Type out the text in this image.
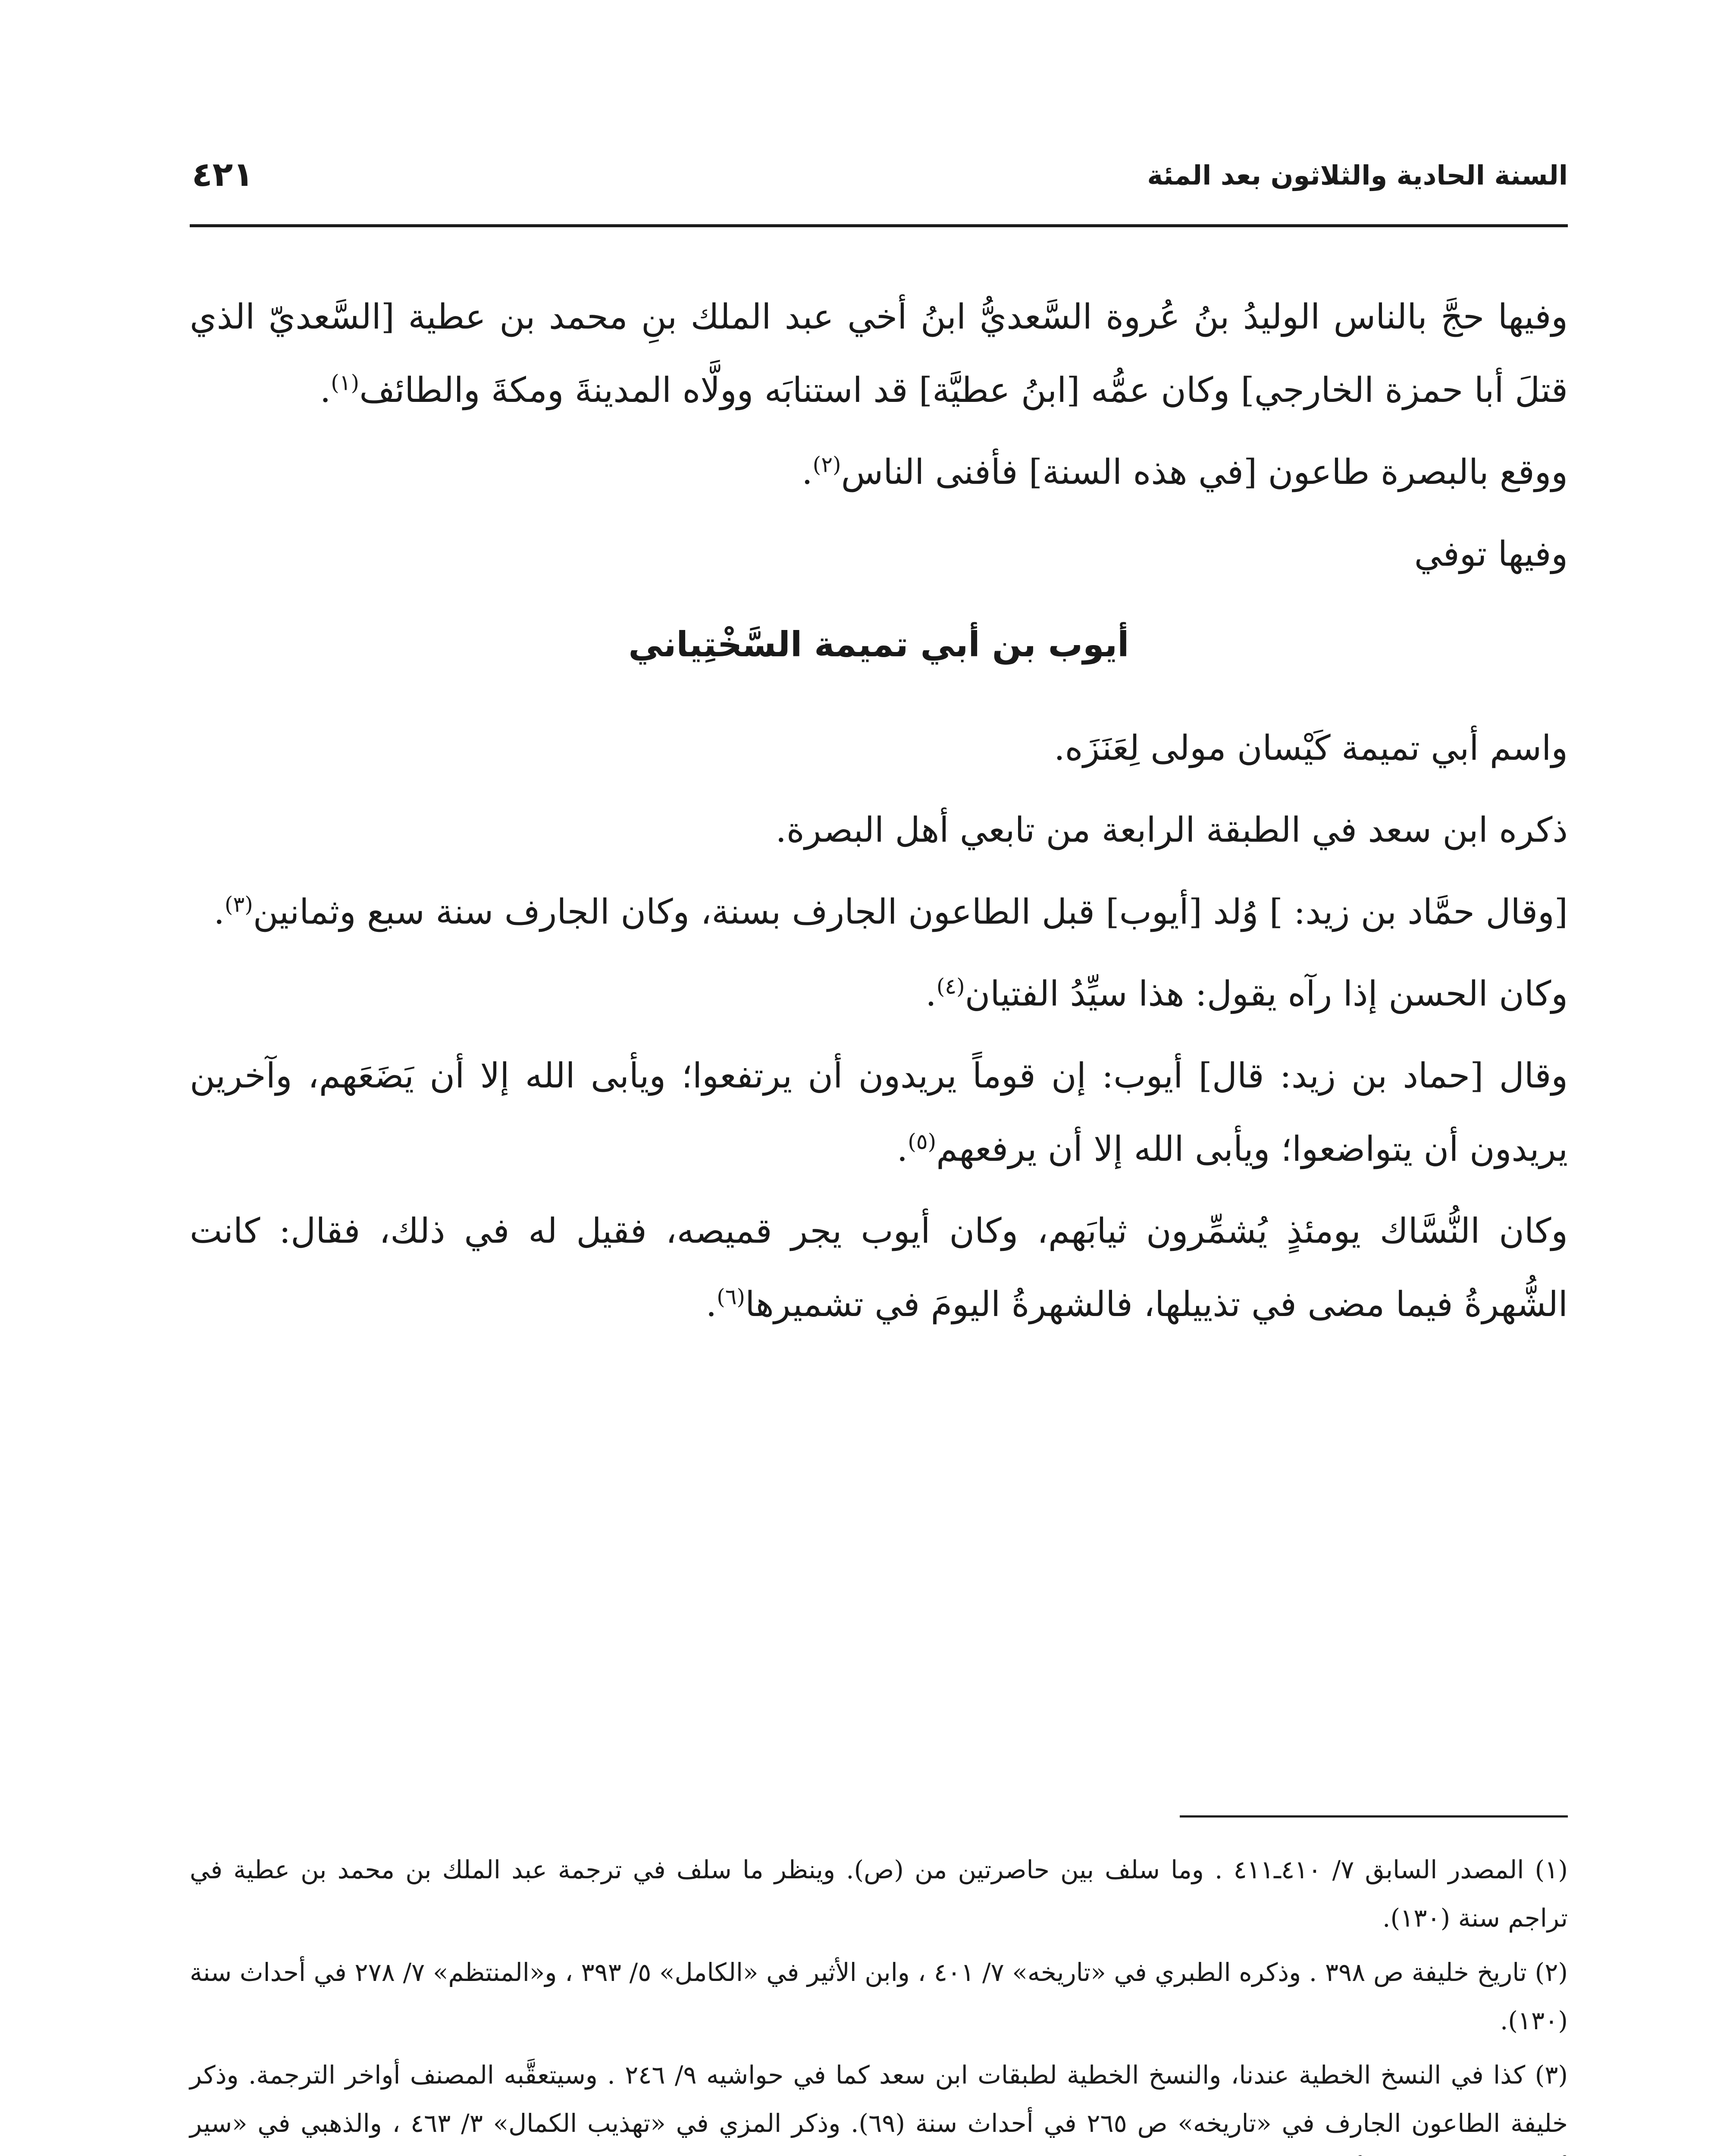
السنة الحادية والثلاثون بعد المئة
٤٢١

وفيها حجَّ بالناس الوليدُ بنُ عُروة السَّعديُّ ابنُ أخي عبد الملك بنِ محمد بن عطية [السَّعديّ الذي قتلَ أبا حمزة الخارجي] وكان عمُّه [ابنُ عطيَّة] قد استنابَه وولَّاه المدينةَ ومكةَ والطائف$^{(١)}$.

ووقع بالبصرة طاعون [في هذه السنة] فأفنى الناس$^{(٢)}$.

وفيها توفي

أيوب بن أبي تميمة السَّخْتِياني

واسم أبي تميمة كَيْسان مولى لِعَنَزَه.

ذكره ابن سعد في الطبقة الرابعة من تابعي أهل البصرة.

[وقال حمَّاد بن زيد: ] وُلد [أيوب] قبل الطاعون الجارف بسنة، وكان الجارف سنة سبع وثمانين$^{(٣)}$.

وكان الحسن إذا رآه يقول: هذا سيِّدُ الفتيان$^{(٤)}$.

وقال [حماد بن زيد: قال] أيوب: إن قوماً يريدون أن يرتفعوا؛ ويأبى الله إلا أن يَضَعَهم، وآخرين يريدون أن يتواضعوا؛ ويأبى الله إلا أن يرفعهم$^{(٥)}$.

وكان النُّسَّاك يومئذٍ يُشمِّرون ثيابَهم، وكان أيوب يجر قميصه، فقيل له في ذلك، فقال: كانت الشُّهرةُ فيما مضى في تذييلها، فالشهرةُ اليومَ في تشميرها$^{(٦)}$.

(١) المصدر السابق ٧/ ٤١٠ـ٤١١ . وما سلف بين حاصرتين من (ص). وينظر ما سلف في ترجمة عبد الملك بن محمد بن عطية في تراجم سنة (١٣٠).

(٢) تاريخ خليفة ص ٣٩٨ . وذكره الطبري في «تاريخه» ٧/ ٤٠١ ، وابن الأثير في «الكامل» ٥/ ٣٩٣ ، و«المنتظم» ٧/ ٢٧٨ في أحداث سنة (١٣٠).

(٣) كذا في النسخ الخطية عندنا، والنسخ الخطية لطبقات ابن سعد كما في حواشيه ٩/ ٢٤٦ . وسيتعقَّبه المصنف أواخر الترجمة. وذكر خليفة الطاعون الجارف في «تاريخه» ص ٢٦٥ في أحداث سنة (٦٩). وذكر المزي في «تهذيب الكمال» ٣/ ٤٦٣ ، والذهبي في «سير
